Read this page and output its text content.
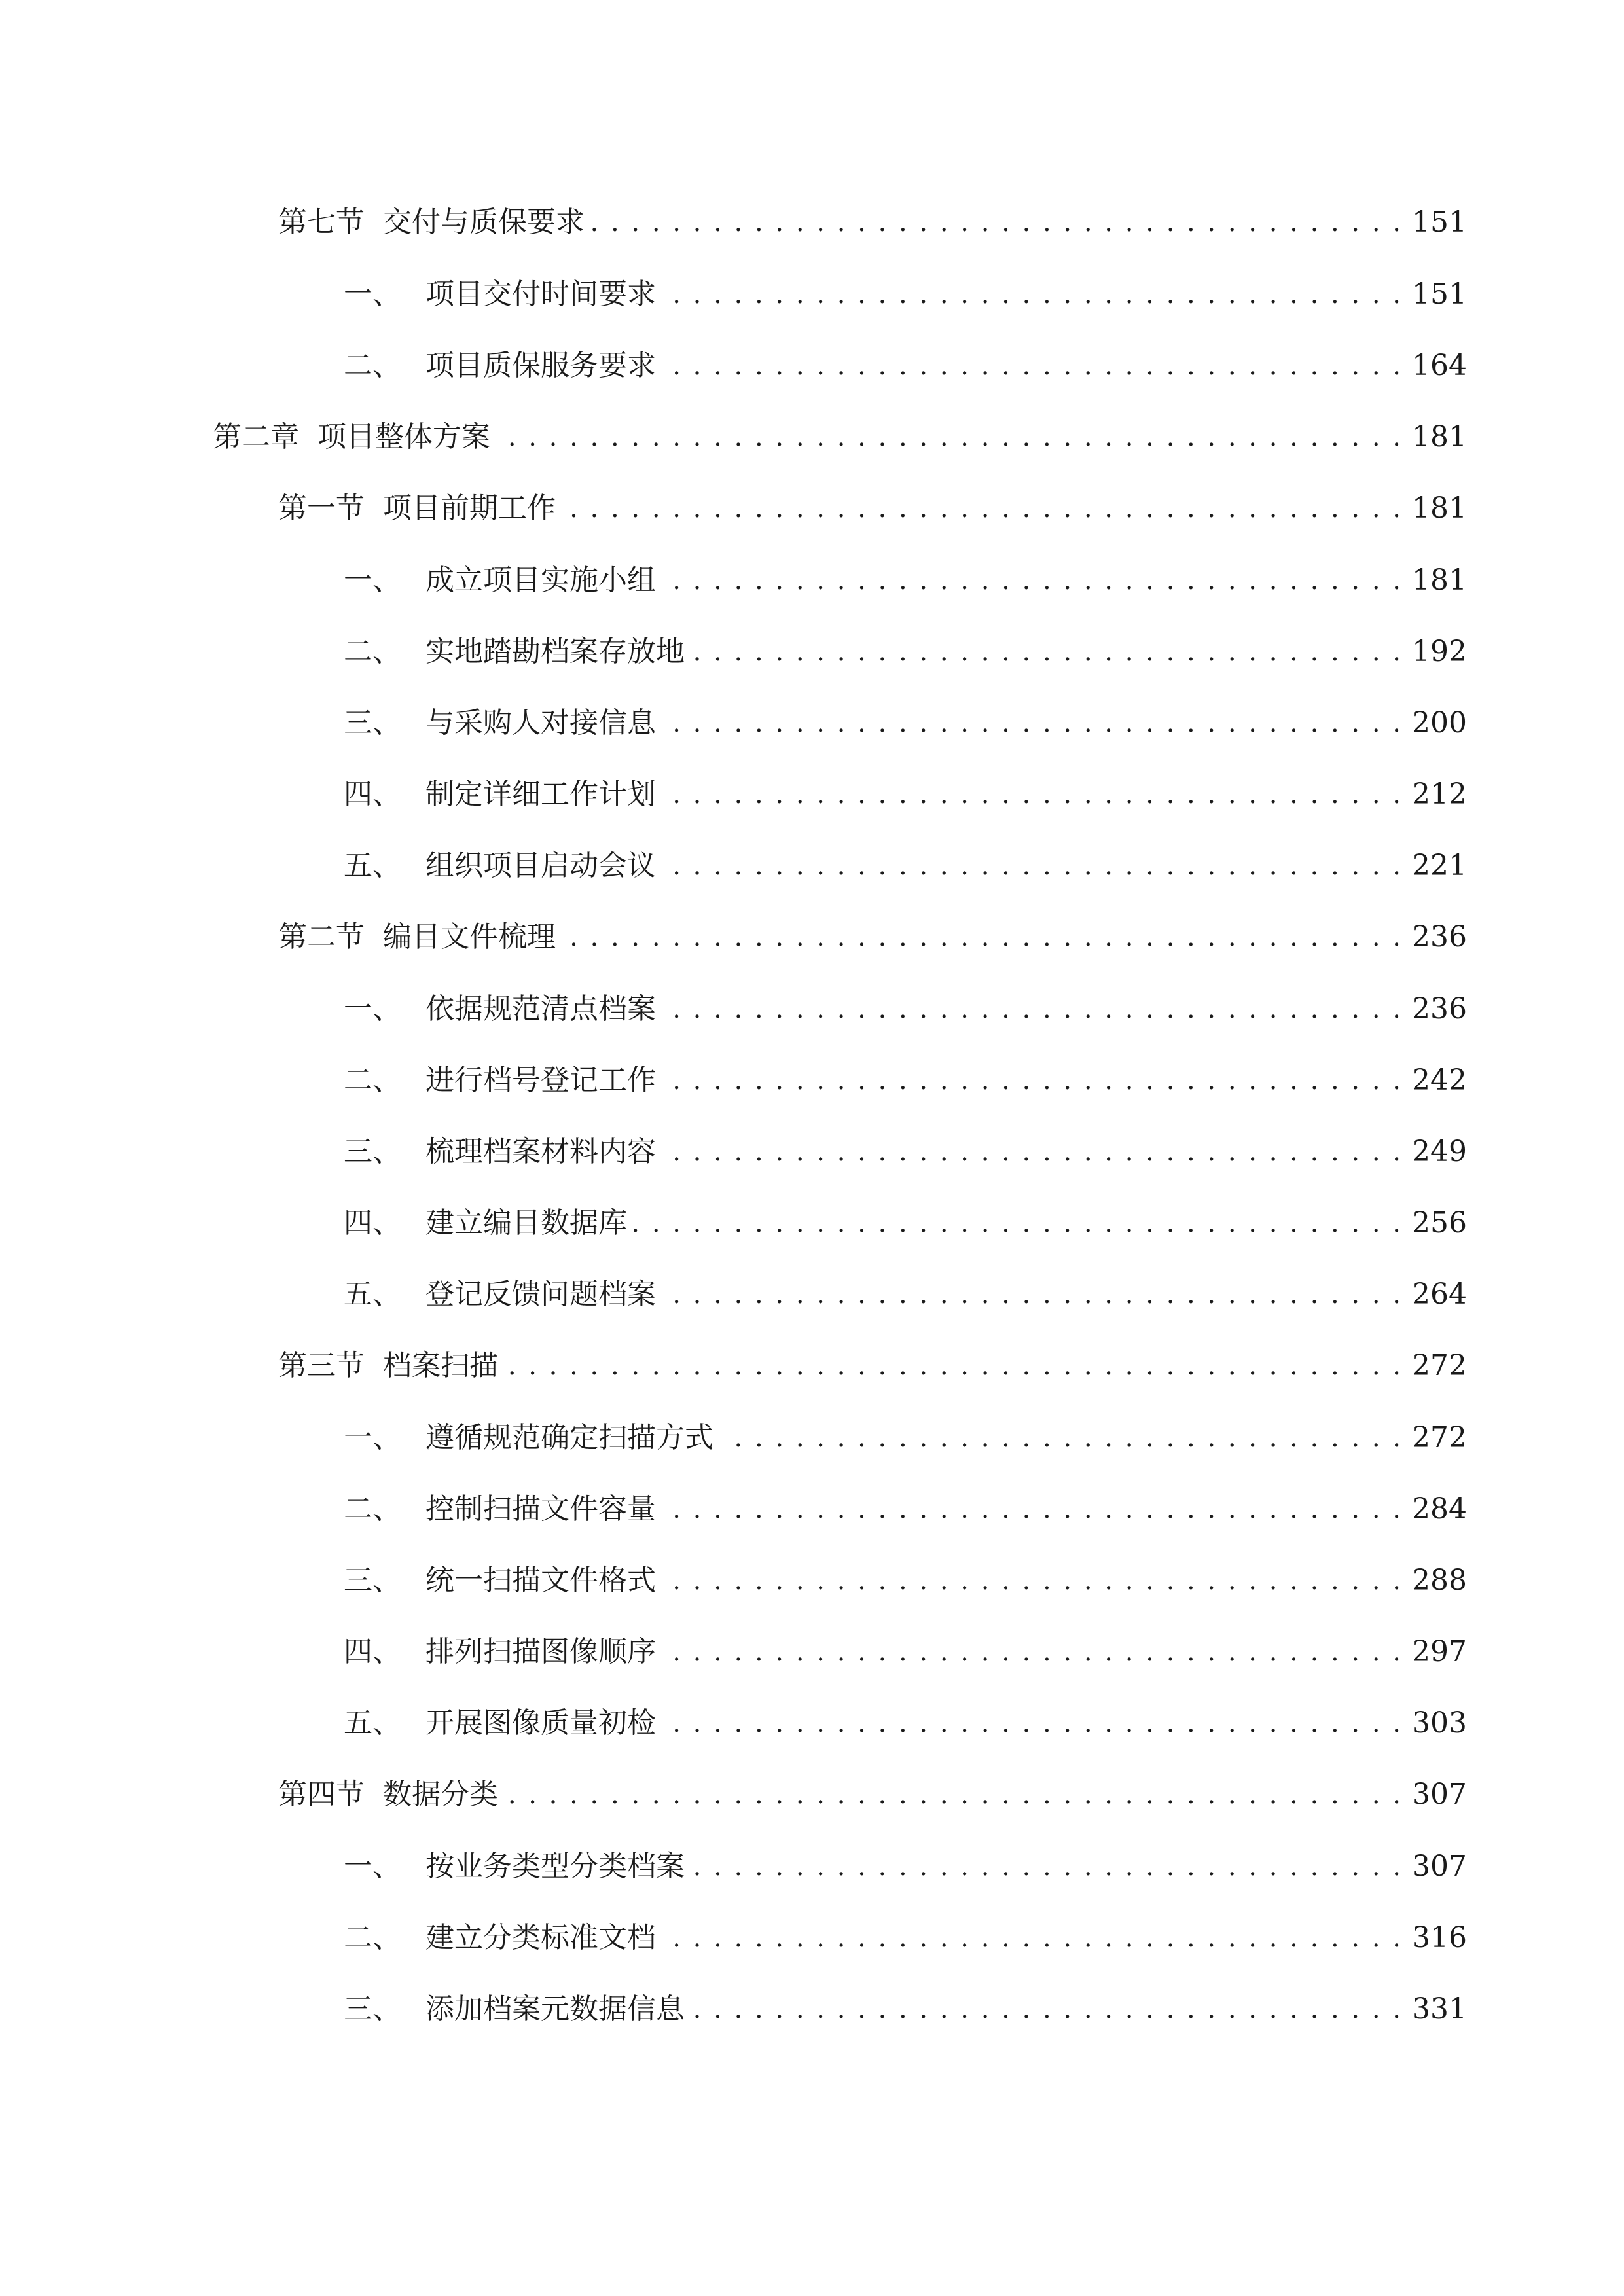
第七节 交付与质保要求 . . .	151
一、 项目交付时间要求 . . .	151
二、 项目质保服务要求 . . .	164
第二章 项目整体方案 . . .	181
第一节 项目前期工作 . . .	181
一、 成立项目实施小组 . . .	181
二、 实地踏勘档案存放地 . . .	192
三、 与采购人对接信息 . . .	200
四、 制定详细工作计划 . . .	212
五、 组织项目启动会议 . . .	221
第二节 编目文件梳理 . . .	236
一、 依据规范清点档案 . . .	236
二、 进行档号登记工作 . . .	242
三、 梳理档案材料内容 . . .	249
四、 建立编目数据库 . . .	256
五、 登记反馈问题档案 . . .	264
第三节 档案扫描 . . .	272
一、 遵循规范确定扫描方式 . . .	272
二、 控制扫描文件容量 . . .	284
三、 统一扫描文件格式 . . .	288
四、 排列扫描图像顺序 . . .	297
五、 开展图像质量初检 . . .	303
第四节 数据分类 . . .	307
一、 按业务类型分类档案 . . .	307
二、 建立分类标准文档 . . .	316
三、 添加档案元数据信息 . . .	331
